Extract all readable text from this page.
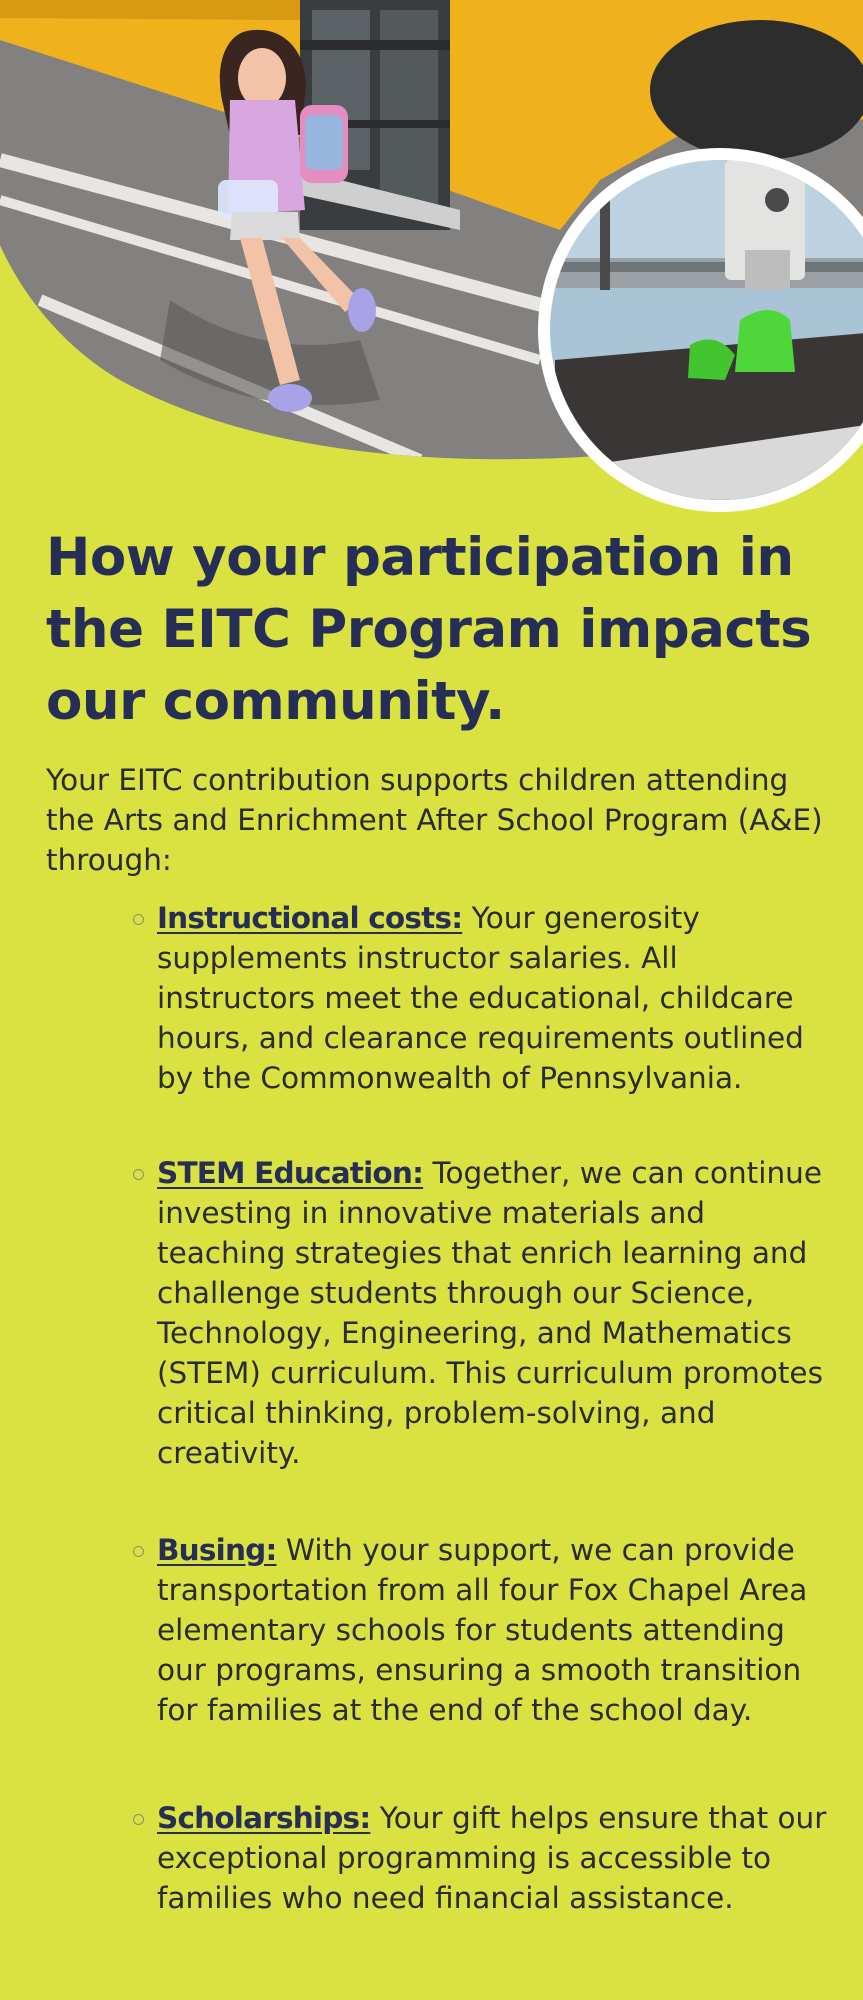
How your participation in the EITC Program impacts our community.

Your EITC contribution supports children attending the Arts and Enrichment After School Program (A&E) through:

Instructional costs: Your generosity supplements instructor salaries. All instructors meet the educational, childcare hours, and clearance requirements outlined by the Commonwealth of Pennsylvania.
STEM Education: Together, we can continue investing in innovative materials and teaching strategies that enrich learning and challenge students through our Science, Technology, Engineering, and Mathematics (STEM) curriculum. This curriculum promotes critical thinking, problem-solving, and creativity.
Busing: With your support, we can provide transportation from all four Fox Chapel Area elementary schools for students attending our programs, ensuring a smooth transition for families at the end of the school day.
Scholarships: Your gift helps ensure that our exceptional programming is accessible to families who need financial assistance.
